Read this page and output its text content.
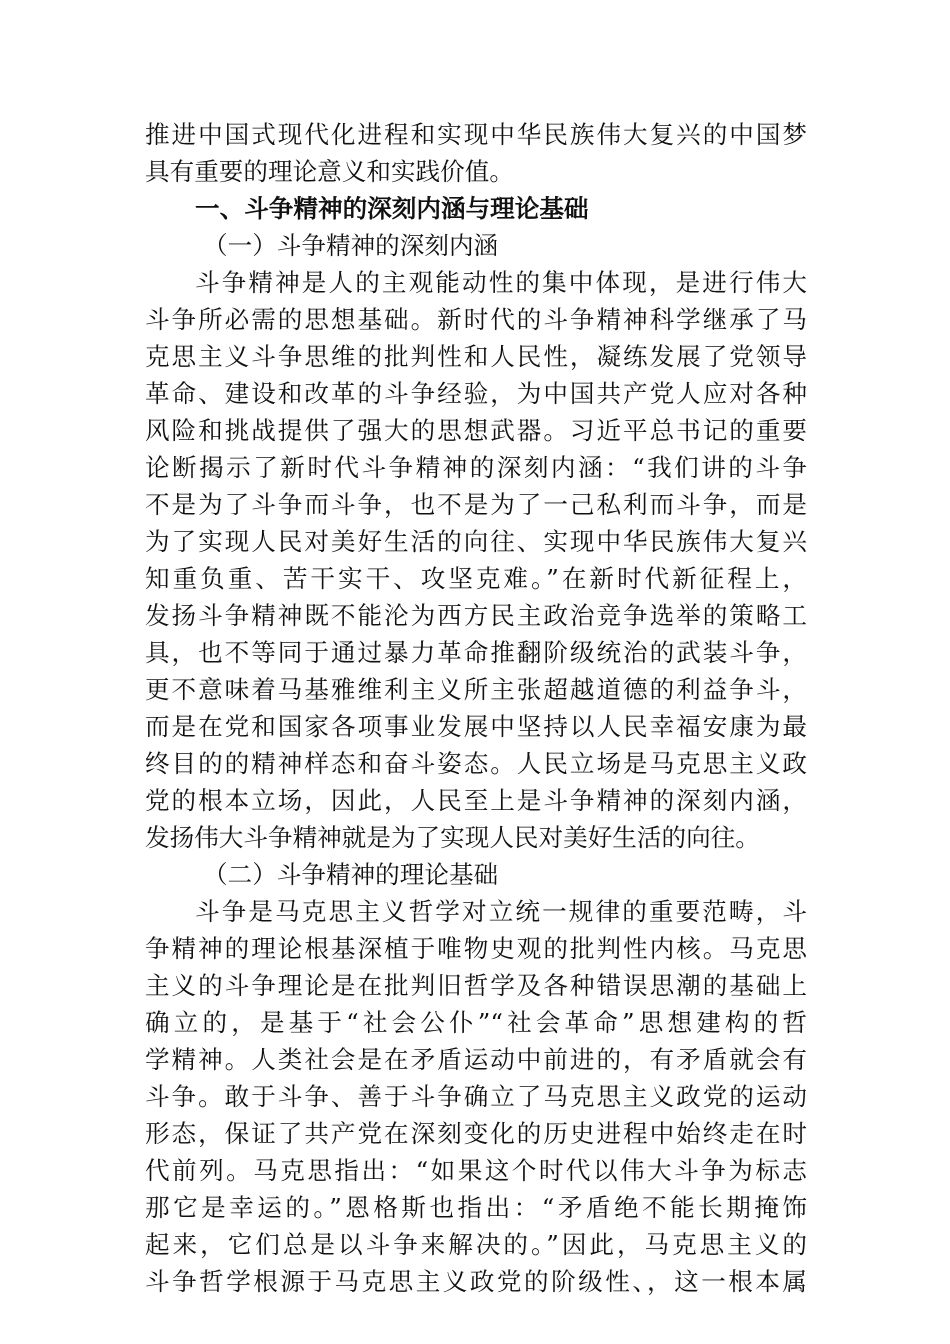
推进中国式现代化进程和实现中华民族伟大复兴的中国梦
具有重要的理论意义和实践价值。
一、斗争精神的深刻内涵与理论基础
（一）斗争精神的深刻内涵
斗争精神是人的主观能动性的集中体现，是进行伟大
斗争所必需的思想基础。新时代的斗争精神科学继承了马
克思主义斗争思维的批判性和人民性，凝练发展了党领导
革命、建设和改革的斗争经验，为中国共产党人应对各种
风险和挑战提供了强大的思想武器。习近平总书记的重要
论断揭示了新时代斗争精神的深刻内涵：“我们讲的斗争
不是为了斗争而斗争，也不是为了一己私利而斗争，而是
为了实现人民对美好生活的向往、实现中华民族伟大复兴
知重负重、苦干实干、攻坚克难。”在新时代新征程上，
发扬斗争精神既不能沦为西方民主政治竞争选举的策略工
具，也不等同于通过暴力革命推翻阶级统治的武装斗争，
更不意味着马基雅维利主义所主张超越道德的利益争斗，
而是在党和国家各项事业发展中坚持以人民幸福安康为最
终目的的精神样态和奋斗姿态。人民立场是马克思主义政
党的根本立场，因此，人民至上是斗争精神的深刻内涵，
发扬伟大斗争精神就是为了实现人民对美好生活的向往。
（二）斗争精神的理论基础
斗争是马克思主义哲学对立统一规律的重要范畴，斗
争精神的理论根基深植于唯物史观的批判性内核。马克思
主义的斗争理论是在批判旧哲学及各种错误思潮的基础上
确立的，是基于“社会公仆”“社会革命”思想建构的哲
学精神。人类社会是在矛盾运动中前进的，有矛盾就会有
斗争。敢于斗争、善于斗争确立了马克思主义政党的运动
形态，保证了共产党在深刻变化的历史进程中始终走在时
代前列。马克思指出：“如果这个时代以伟大斗争为标志
那它是幸运的。”恩格斯也指出：“矛盾绝不能长期掩饰
起来，它们总是以斗争来解决的。”因此，马克思主义的
斗争哲学根源于马克思主义政党的阶级性、，这一根本属
